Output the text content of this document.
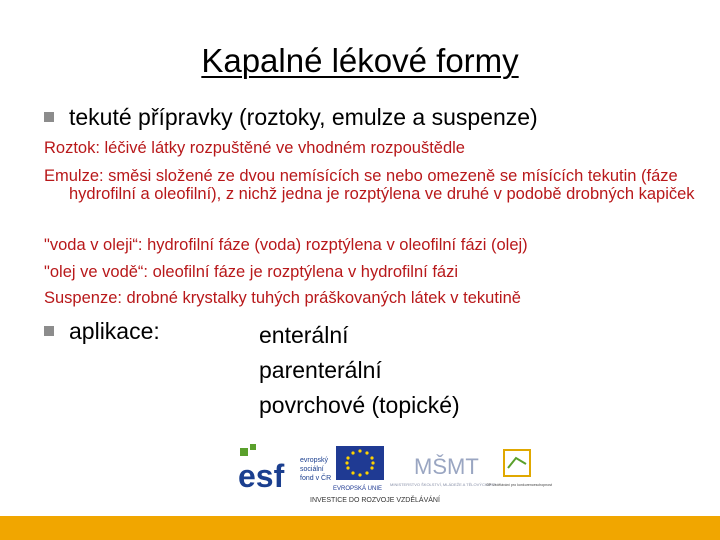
Kapalné lékové formy
tekuté přípravky (roztoky, emulze a suspenze)
Roztok: léčivé látky rozpuštěné ve vhodném rozpouštědle
Emulze: směsi složené ze dvou nemísících se nebo omezeně se mísících tekutin (fáze hydrofilní a oleofilní), z nichž jedna je rozptýlena ve druhé v podobě drobných kapiček
"voda v oleji“: hydrofilní fáze (voda) rozptýlena v oleofilní fázi (olej)
"olej ve vodě“: oleofilní fáze je rozptýlena v hydrofilní fázi
Suspenze: drobné krystalky tuhých práškovaných látek v tekutině
aplikace:	enterální
parenterální
povrchové (topické)
esf evropský
sociální
fond v ČR
EVROPSKÁ UNIE
MŠMT
MINISTERSTVO ŠKOLSTVÍ, MLÁDEŽE A TĚLOVÝCHOVY
OP Vzdělávání pro konkurenceschopnost
INVESTICE DO ROZVOJE VZDĚLÁVÁNÍ
